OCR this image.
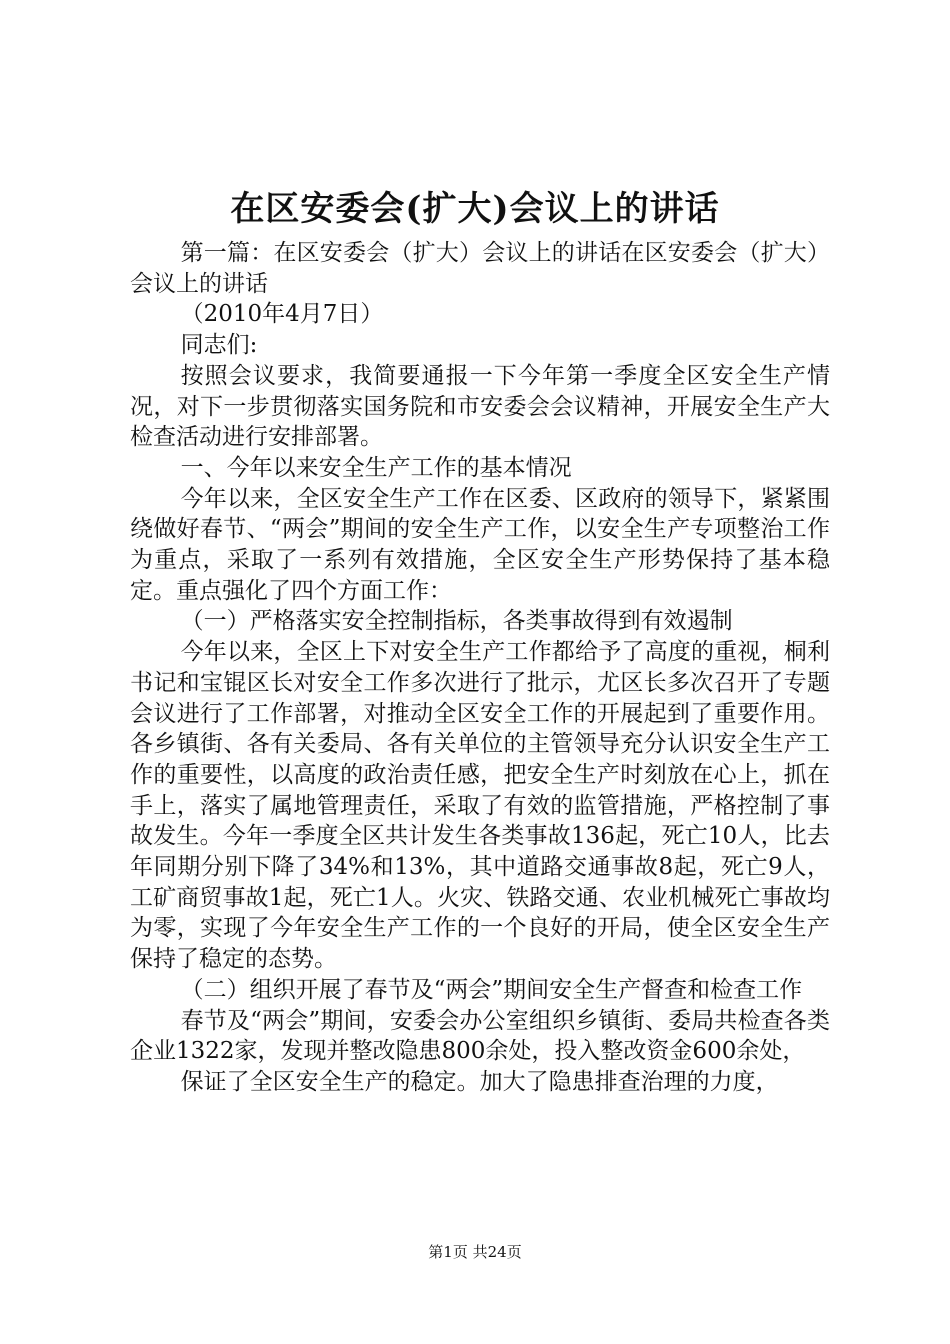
在区安委会(扩大)会议上的讲话

第一篇：在区安委会（扩大）会议上的讲话在区安委会（扩大）会议上的讲话

（2010年4月7日）

同志们:

按照会议要求，我简要通报一下今年第一季度全区安全生产情况，对下一步贯彻落实国务院和市安委会会议精神，开展安全生产大检查活动进行安排部署。

一、今年以来安全生产工作的基本情况

今年以来，全区安全生产工作在区委、区政府的领导下，紧紧围绕做好春节、“两会”期间的安全生产工作，以安全生产专项整治工作为重点，采取了一系列有效措施，全区安全生产形势保持了基本稳定。重点强化了四个方面工作：

（一）严格落实安全控制指标，各类事故得到有效遏制

今年以来，全区上下对安全生产工作都给予了高度的重视，桐利书记和宝锟区长对安全工作多次进行了批示，尤区长多次召开了专题会议进行了工作部署，对推动全区安全工作的开展起到了重要作用。各乡镇街、各有关委局、各有关单位的主管领导充分认识安全生产工作的重要性，以高度的政治责任感，把安全生产时刻放在心上，抓在手上，落实了属地管理责任，采取了有效的监管措施，严格控制了事故发生。今年一季度全区共计发生各类事故136起，死亡10人，比去年同期分别下降了34%和13%，其中道路交通事故8起，死亡9人，工矿商贸事故1起，死亡1人。火灾、铁路交通、农业机械死亡事故均为零，实现了今年安全生产工作的一个良好的开局，使全区安全生产保持了稳定的态势。

（二）组织开展了春节及“两会”期间安全生产督查和检查工作

春节及“两会”期间，安委会办公室组织乡镇街、委局共检查各类企业1322家，发现并整改隐患800余处，投入整改资金600余处，

保证了全区安全生产的稳定。加大了隐患排查治理的力度，

第1页 共24页
